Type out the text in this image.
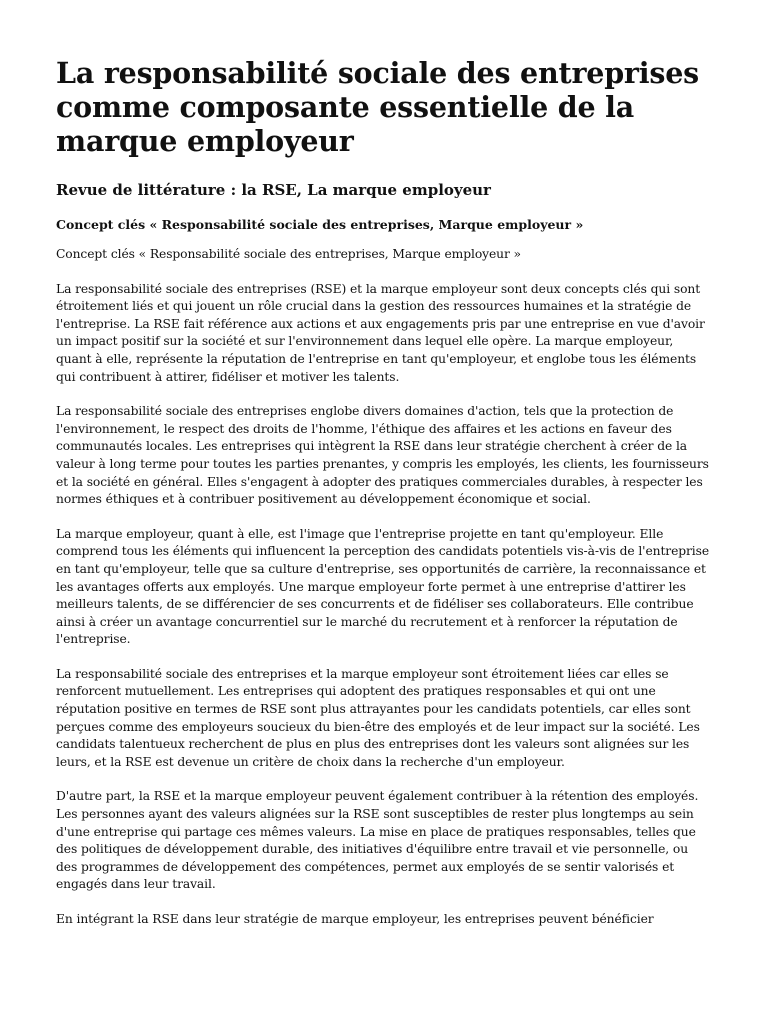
La responsabilité sociale des entreprises comme composante essentielle de la marque employeur
Revue de littérature : la RSE, La marque employeur
Concept clés « Responsabilité sociale des entreprises, Marque employeur »

Concept clés « Responsabilité sociale des entreprises, Marque employeur »

La responsabilité sociale des entreprises (RSE) et la marque employeur sont deux concepts clés qui sont étroitement liés et qui jouent un rôle crucial dans la gestion des ressources humaines et la stratégie de l'entreprise. La RSE fait référence aux actions et aux engagements pris par une entreprise en vue d'avoir un impact positif sur la société et sur l'environnement dans lequel elle opère. La marque employeur, quant à elle, représente la réputation de l'entreprise en tant qu'employeur, et englobe tous les éléments qui contribuent à attirer, fidéliser et motiver les talents.

La responsabilité sociale des entreprises englobe divers domaines d'action, tels que la protection de l'environnement, le respect des droits de l'homme, l'éthique des affaires et les actions en faveur des communautés locales. Les entreprises qui intègrent la RSE dans leur stratégie cherchent à créer de la valeur à long terme pour toutes les parties prenantes, y compris les employés, les clients, les fournisseurs et la société en général. Elles s'engagent à adopter des pratiques commerciales durables, à respecter les normes éthiques et à contribuer positivement au développement économique et social.

La marque employeur, quant à elle, est l'image que l'entreprise projette en tant qu'employeur. Elle comprend tous les éléments qui influencent la perception des candidats potentiels vis-à-vis de l'entreprise en tant qu'employeur, telle que sa culture d'entreprise, ses opportunités de carrière, la reconnaissance et les avantages offerts aux employés. Une marque employeur forte permet à une entreprise d'attirer les meilleurs talents, de se différencier de ses concurrents et de fidéliser ses collaborateurs. Elle contribue ainsi à créer un avantage concurrentiel sur le marché du recrutement et à renforcer la réputation de l'entreprise.

La responsabilité sociale des entreprises et la marque employeur sont étroitement liées car elles se renforcent mutuellement. Les entreprises qui adoptent des pratiques responsables et qui ont une réputation positive en termes de RSE sont plus attrayantes pour les candidats potentiels, car elles sont perçues comme des employeurs soucieux du bien-être des employés et de leur impact sur la société. Les candidats talentueux recherchent de plus en plus des entreprises dont les valeurs sont alignées sur les leurs, et la RSE est devenue un critère de choix dans la recherche d'un employeur.

D'autre part, la RSE et la marque employeur peuvent également contribuer à la rétention des employés. Les personnes ayant des valeurs alignées sur la RSE sont susceptibles de rester plus longtemps au sein d'une entreprise qui partage ces mêmes valeurs. La mise en place de pratiques responsables, telles que des politiques de développement durable, des initiatives d'équilibre entre travail et vie personnelle, ou des programmes de développement des compétences, permet aux employés de se sentir valorisés et engagés dans leur travail.

En intégrant la RSE dans leur stratégie de marque employeur, les entreprises peuvent bénéficier
